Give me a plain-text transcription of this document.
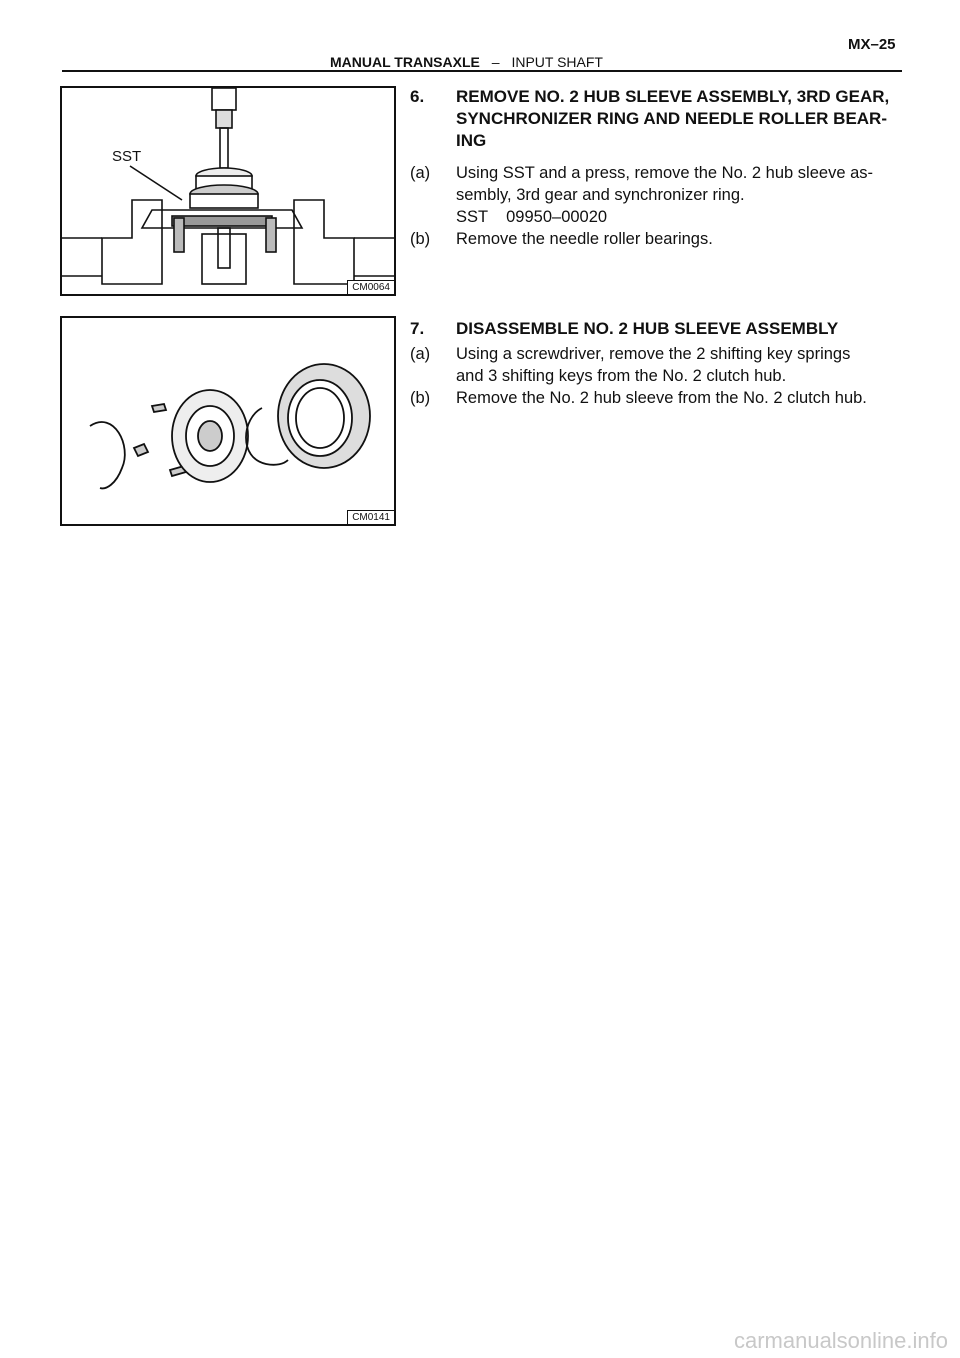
MANUAL TRANSAXLE – INPUT SHAFT
MX–25
SST
CM0064
CM0141
6. REMOVE NO. 2 HUB SLEEVE ASSEMBLY, 3RD GEAR,
SYNCHRONIZER RING AND NEEDLE ROLLER BEAR-
ING
(a) Using SST and a press, remove the No. 2 hub sleeve as-
sembly, 3rd gear and synchronizer ring.
SST    09950–00020
(b) Remove the needle roller bearings.
7. DISASSEMBLE NO. 2 HUB SLEEVE ASSEMBLY
(a) Using a screwdriver, remove the 2 shifting key springs
and 3 shifting keys from the No. 2 clutch hub.
(b) Remove the No. 2 hub sleeve from the No. 2 clutch hub.
carmanualsonline.info
